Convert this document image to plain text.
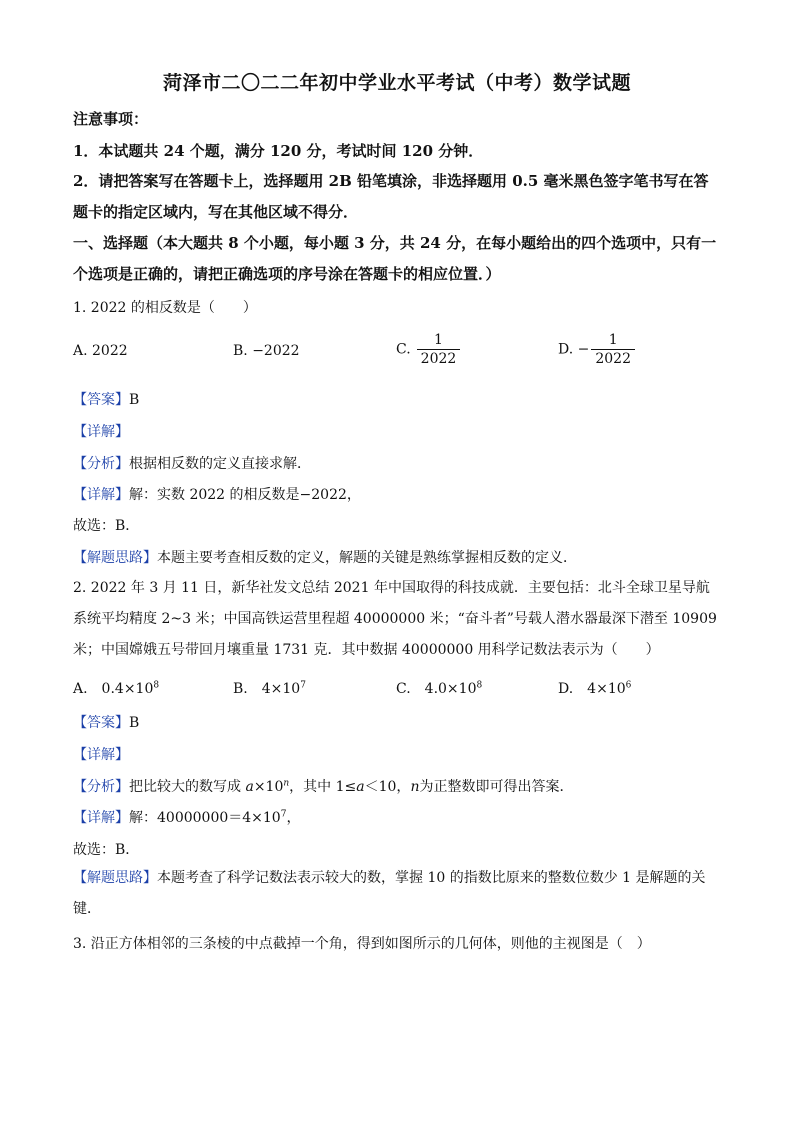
菏泽市二〇二二年初中学业水平考试（中考）数学试题
注意事项：
1．本试题共 24 个题，满分 120 分，考试时间 120 分钟．
2．请把答案写在答题卡上，选择题用 2B 铅笔填涂，非选择题用 0.5 毫米黑色签字笔书写在答题卡的指定区域内，写在其他区域不得分．
一、选择题（本大题共 8 个小题，每小题 3 分，共 24 分，在每小题给出的四个选项中，只有一个选项是正确的，请把正确选项的序号涂在答题卡的相应位置．）
1. 2022 的相反数是（　　）
A. 2022	B. −2022	C. $\frac{1}{2022}$	D. − $\frac{1}{2022}$
【答案】B
【详解】
【分析】根据相反数的定义直接求解．
【详解】解：实数 2022 的相反数是−2022，
故选：B．
【解题思路】本题主要考查相反数的定义，解题的关键是熟练掌握相反数的定义．
2. 2022 年 3 月 11 日，新华社发文总结 2021 年中国取得的科技成就．主要包括：北斗全球卫星导航系统平均精度 2~3 米；中国高铁运营里程超 40000000 米；“奋斗者”号载人潜水器最深下潜至 10909 米；中国嫦娥五号带回月壤重量 1731 克．其中数据 40000000 用科学记数法表示为（　　）
A.　$0.4\times 10^8$	B.　$4\times 10^7$	C.　$4.0\times 10^8$	D.　$4\times 10^6$
【答案】B
【详解】
【分析】把比较大的数写成 $a\times 10^n$，其中 1≤a＜10，n为正整数即可得出答案．
【详解】解：$40000000=4\times 10^7$，
故选：B．
【解题思路】本题考查了科学记数法表示较大的数，掌握 10 的指数比原来的整数位数少 1 是解题的关键．
3. 沿正方体相邻的三条棱的中点截掉一个角，得到如图所示的几何体，则他的主视图是（　）
